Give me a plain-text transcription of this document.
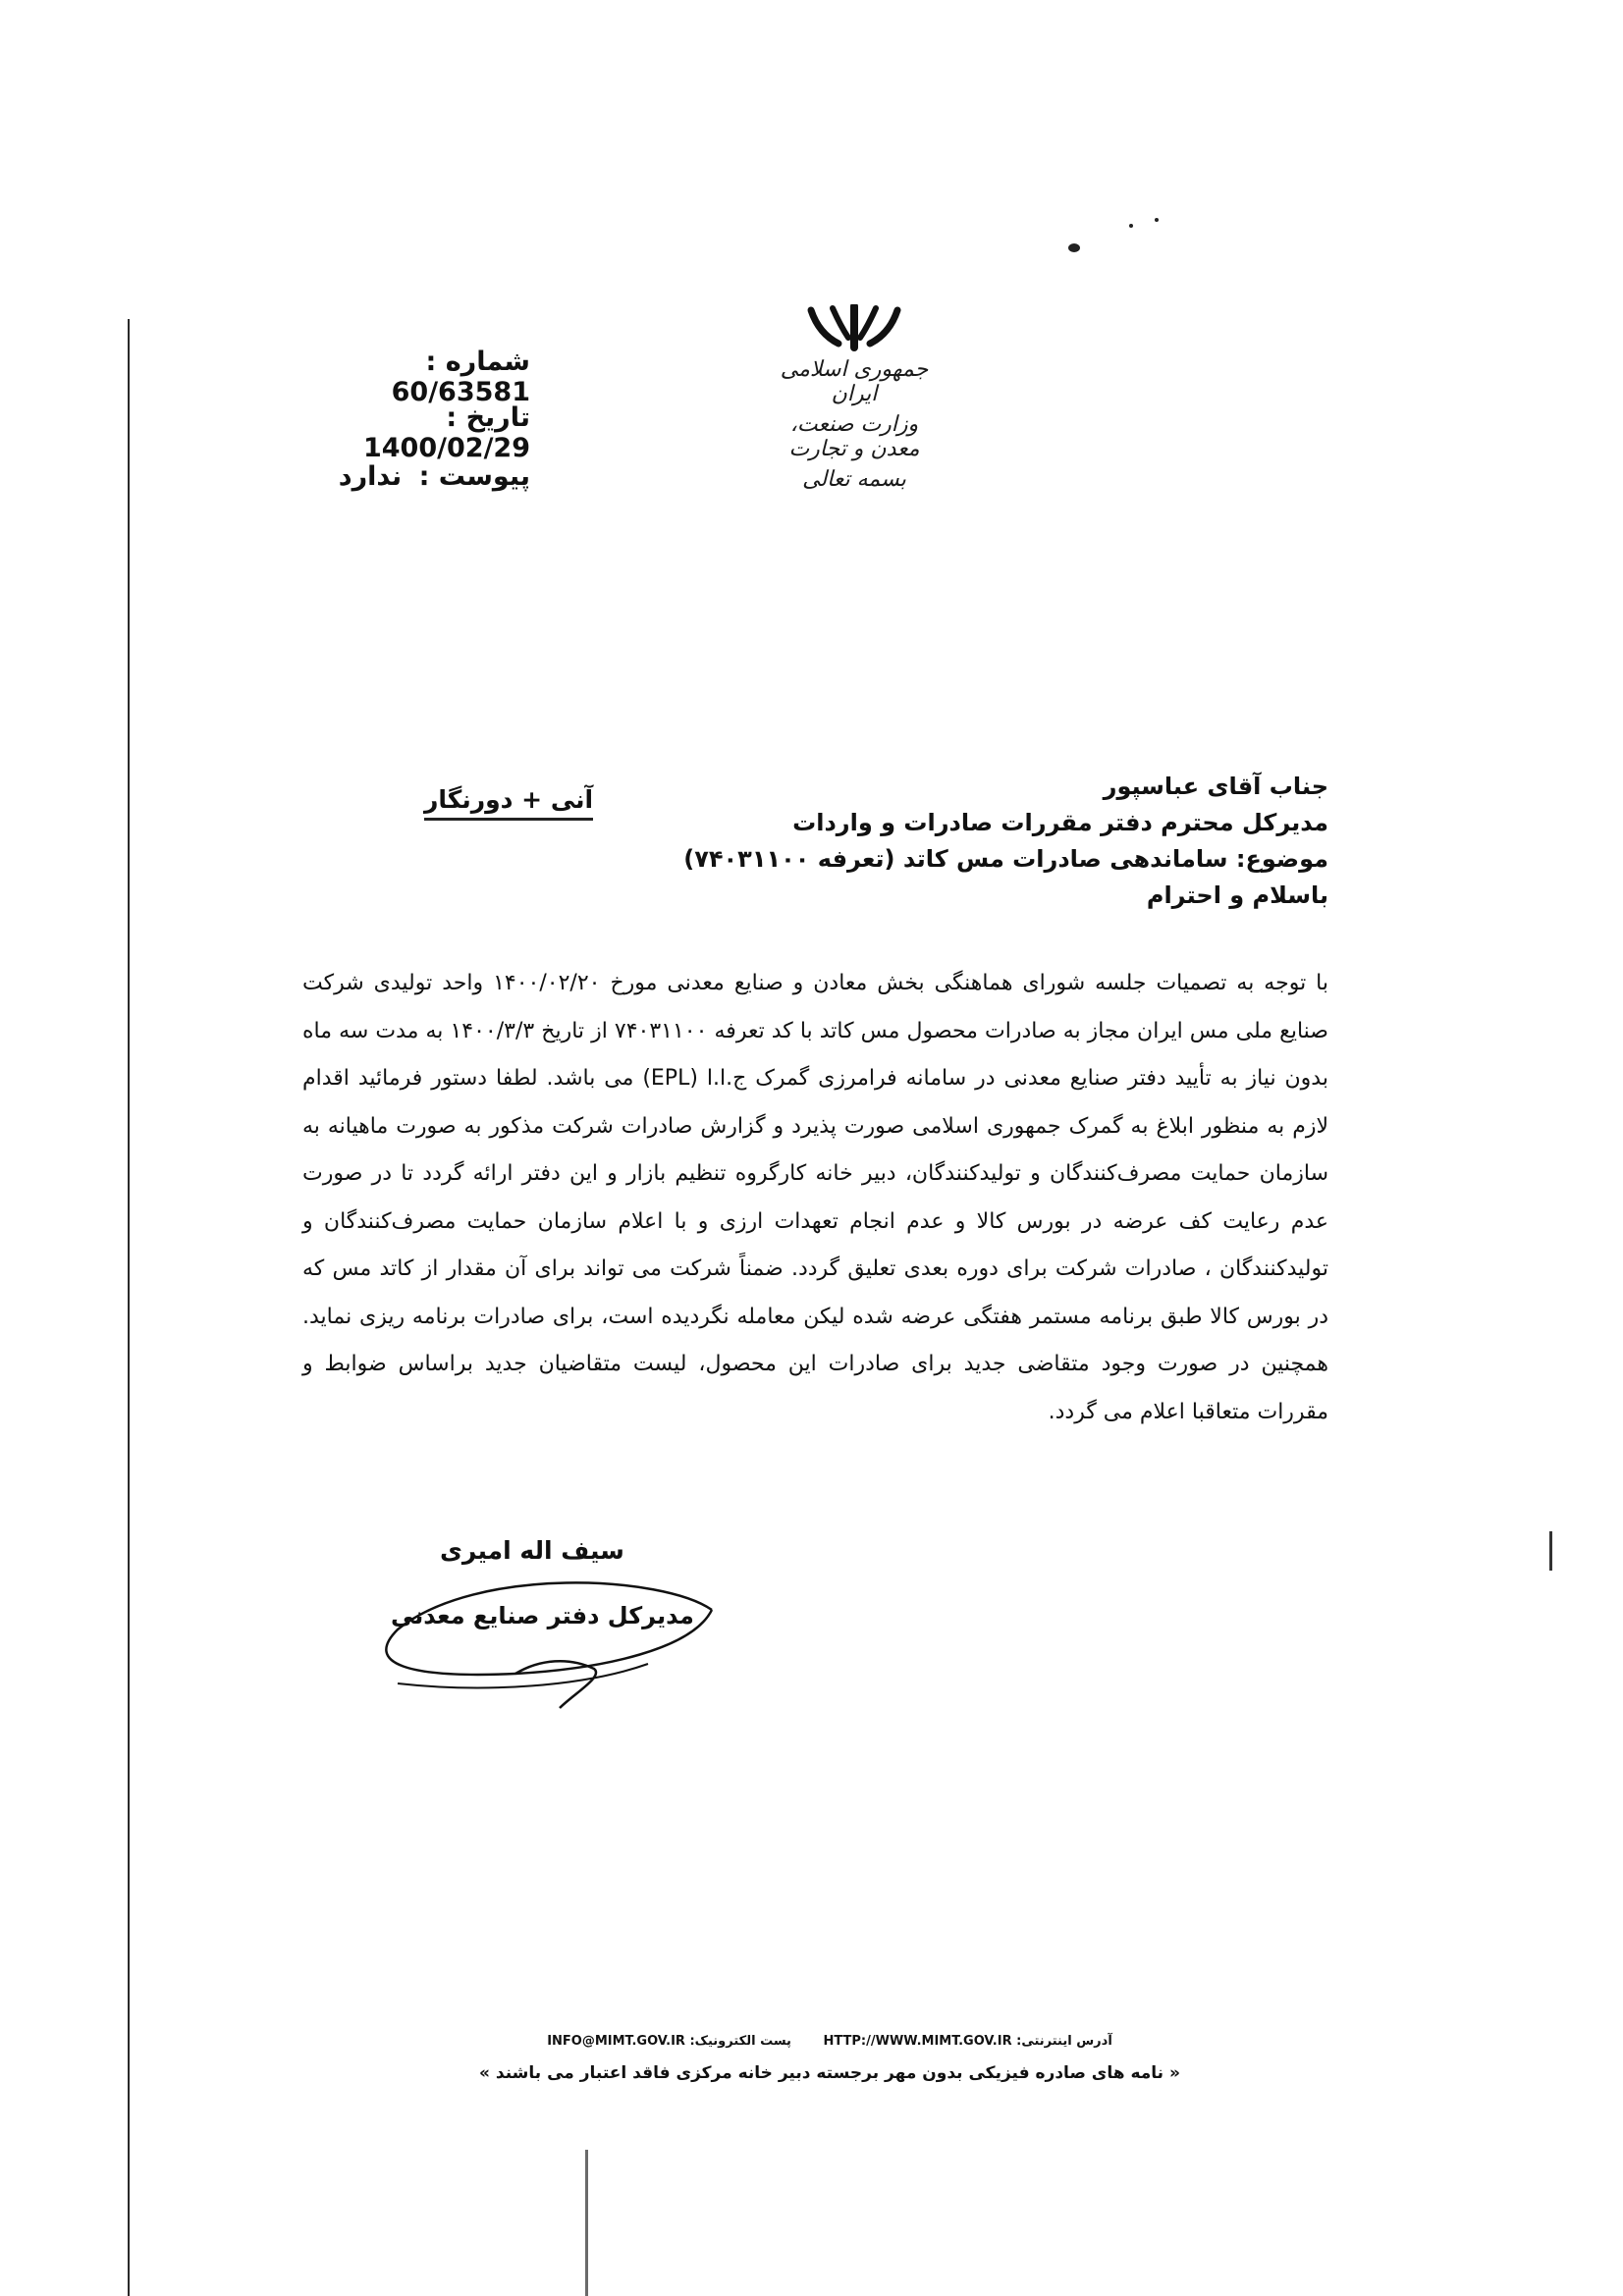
شماره : 60/63581
تاریخ : 1400/02/29
پیوست : ندارد
جمهوری اسلامی ایران
وزارت صنعت، معدن و تجارت
بسمه تعالی
جناب آقای عباسپور
مدیرکل محترم دفتر مقررات صادرات و واردات
موضوع: ساماندهی صادرات مس کاتد (تعرفه ۷۴۰۳۱۱۰۰)
باسلام و احترام
آنی + دورنگار

با توجه به تصمیات جلسه شورای هماهنگی بخش معادن و صنایع معدنی مورخ ۱۴۰۰/۰۲/۲۰ واحد تولیدی شرکت صنایع ملی مس ایران مجاز به صادرات محصول مس کاتد با کد تعرفه ۷۴۰۳۱۱۰۰ از تاریخ ۱۴۰۰/۳/۳ به مدت سه ماه بدون نیاز به تأیید دفتر صنایع معدنی در سامانه فرامرزی گمرک ج.ا.ا (EPL) می باشد. لطفا دستور فرمائید اقدام لازم به منظور ابلاغ به گمرک جمهوری اسلامی صورت پذیرد و گزارش صادرات شرکت مذکور به صورت ماهیانه به سازمان حمایت مصرف‌کنندگان و تولیدکنندگان، دبیر خانه کارگروه تنظیم بازار و این دفتر ارائه گردد تا در صورت عدم رعایت کف عرضه در بورس کالا و عدم انجام تعهدات ارزی و با اعلام سازمان حمایت مصرف‌کنندگان و تولیدکنندگان ، صادرات شرکت برای دوره بعدی تعلیق گردد. ضمناً شرکت می تواند برای آن مقدار از کاتد مس که در بورس کالا طبق برنامه مستمر هفتگی عرضه شده لیکن معامله نگردیده است، برای صادرات برنامه ریزی نماید. همچنین در صورت وجود متقاضی جدید برای صادرات این محصول، لیست متقاضیان جدید براساس ضوابط و مقررات متعاقبا اعلام می گردد.

سیف اله امیری
مدیرکل دفتر صنایع معدنی
آدرس اینترنتی: HTTP://WWW.MIMT.GOV.IR پست الکترونیک: INFO@MIMT.GOV.IR
« نامه های صادره فیزیکی بدون مهر برجسته دبیر خانه مرکزی فاقد اعتبار می باشند »
